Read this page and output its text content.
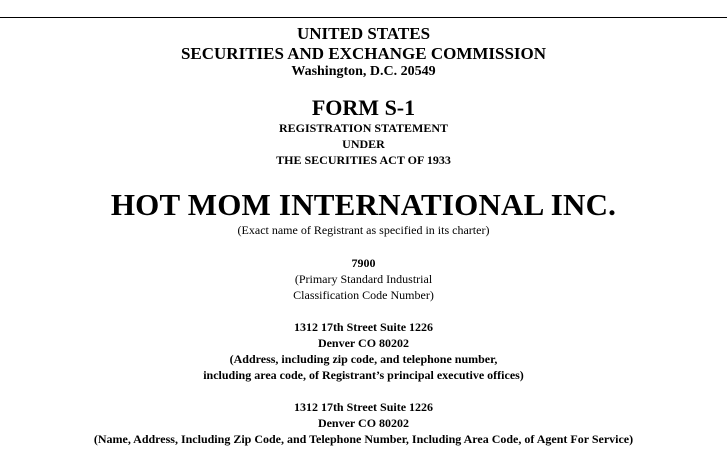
UNITED STATES
SECURITIES AND EXCHANGE COMMISSION
Washington, D.C. 20549
FORM S-1
REGISTRATION STATEMENT
UNDER
THE SECURITIES ACT OF 1933
HOT MOM INTERNATIONAL INC.
(Exact name of Registrant as specified in its charter)
7900
(Primary Standard Industrial
Classification Code Number)
1312 17th Street Suite 1226
Denver CO 80202
(Address, including zip code, and telephone number,
including area code, of Registrant’s principal executive offices)
1312 17th Street Suite 1226
Denver CO 80202
(Name, Address, Including Zip Code, and Telephone Number, Including Area Code, of Agent For Service)
